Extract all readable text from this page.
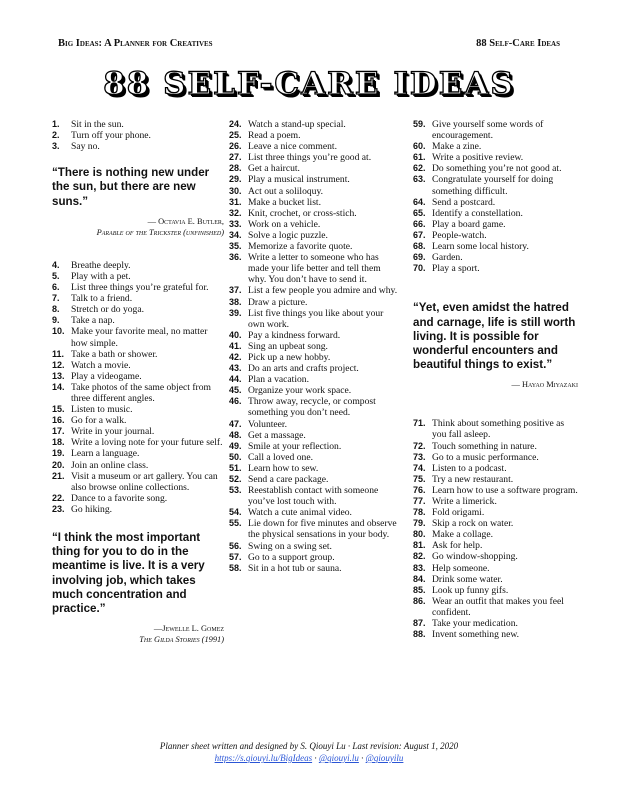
Big Ideas: A Planner for Creatives	88 Self-Care Ideas
88 SELF-CARE IDEAS
1.	Sit in the sun.
2.	Turn off your phone.
3.	Say no.
“There is nothing new under the sun, but there are new suns.”
— Octavia E. Butler,
Parable of the Trickster (unfinished)
4.	Breathe deeply.
5.	Play with a pet.
6.	List three things you’re grateful for.
7.	Talk to a friend.
8.	Stretch or do yoga.
9.	Take a nap.
10. Make your favorite meal, no matter how simple.
11. Take a bath or shower.
12. Watch a movie.
13. Play a videogame.
14. Take photos of the same object from three different angles.
15. Listen to music.
16. Go for a walk.
17. Write in your journal.
18. Write a loving note for your future self.
19. Learn a language.
20. Join an online class.
21. Visit a museum or art gallery. You can also browse online collections.
22. Dance to a favorite song.
23. Go hiking.
“I think the most important thing for you to do in the meantime is live. It is a very involving job, which takes much concentration and practice.”
—Jewelle L. Gomez
The Gilda Stories (1991)
24. Watch a stand-up special.
25. Read a poem.
26. Leave a nice comment.
27. List three things you’re good at.
28. Get a haircut.
29. Play a musical instrument.
30. Act out a soliloquy.
31. Make a bucket list.
32. Knit, crochet, or cross-stich.
33. Work on a vehicle.
34. Solve a logic puzzle.
35. Memorize a favorite quote.
36. Write a letter to someone who has made your life better and tell them why. You don’t have to send it.
37. List a few people you admire and why.
38. Draw a picture.
39. List five things you like about your own work.
40. Pay a kindness forward.
41. Sing an upbeat song.
42. Pick up a new hobby.
43. Do an arts and crafts project.
44. Plan a vacation.
45. Organize your work space.
46. Throw away, recycle, or compost something you don’t need.
47. Volunteer.
48. Get a massage.
49. Smile at your reflection.
50. Call a loved one.
51. Learn how to sew.
52. Send a care package.
53. Reestablish contact with someone you’ve lost touch with.
54. Watch a cute animal video.
55. Lie down for five minutes and observe the physical sensations in your body.
56. Swing on a swing set.
57. Go to a support group.
58. Sit in a hot tub or sauna.
59. Give yourself some words of encouragement.
60. Make a zine.
61. Write a positive review.
62. Do something you’re not good at.
63. Congratulate yourself for doing something difficult.
64. Send a postcard.
65. Identify a constellation.
66. Play a board game.
67. People-watch.
68. Learn some local history.
69. Garden.
70. Play a sport.
“Yet, even amidst the hatred and carnage, life is still worth living. It is possible for wonderful encounters and beautiful things to exist.”
— Hayao Miyazaki
71. Think about something positive as you fall asleep.
72. Touch something in nature.
73. Go to a music performance.
74. Listen to a podcast.
75. Try a new restaurant.
76. Learn how to use a software program.
77. Write a limerick.
78. Fold origami.
79. Skip a rock on water.
80. Make a collage.
81. Ask for help.
82. Go window-shopping.
83. Help someone.
84. Drink some water.
85. Look up funny gifs.
86. Wear an outfit that makes you feel confident.
87. Take your medication.
88. Invent something new.
Planner sheet written and designed by S. Qiouyi Lu · Last revision: August 1, 2020
https://s.qiouyi.lu/BigIdeas · @qiouyi.lu · @qiouyilu
